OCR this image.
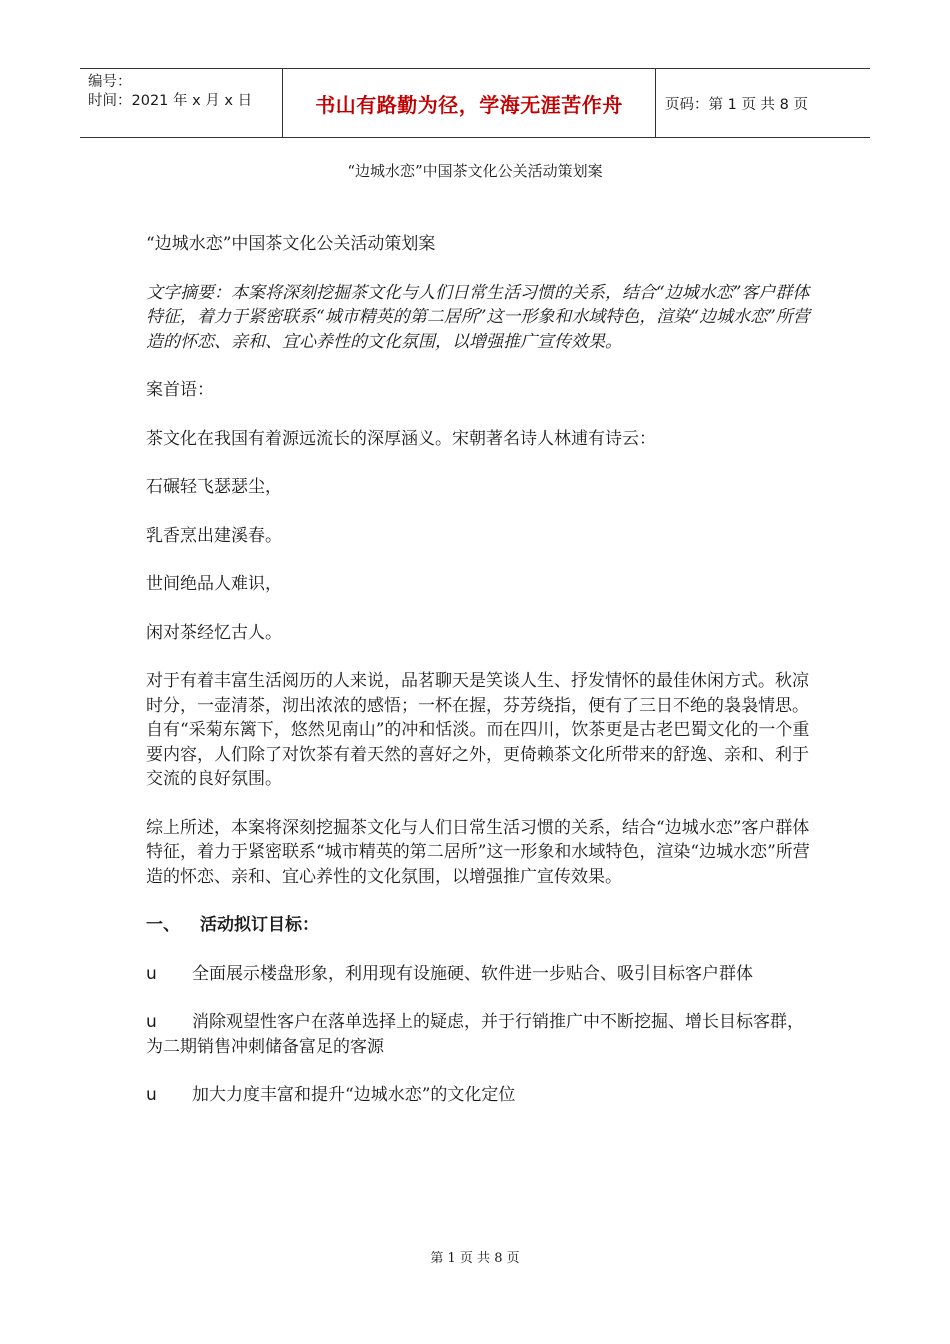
编号：
时间：2021 年 x 月 x 日	书山有路勤为径，学海无涯苦作舟	页码：第 1 页 共 8 页
“边城水恋”中国茶文化公关活动策划案

“边城水恋”中国茶文化公关活动策划案

文字摘要：本案将深刻挖掘茶文化与人们日常生活习惯的关系，结合“边城水恋”客户群体特征，着力于紧密联系“城市精英的第二居所”这一形象和水域特色，渲染“边城水恋”所营造的怀恋、亲和、宜心养性的文化氛围，以增强推广宣传效果。

案首语：

茶文化在我国有着源远流长的深厚涵义。宋朝著名诗人林逋有诗云：

石碾轻飞瑟瑟尘，

乳香烹出建溪春。

世间绝品人难识，

闲对茶经忆古人。

对于有着丰富生活阅历的人来说，品茗聊天是笑谈人生、抒发情怀的最佳休闲方式。秋凉时分，一壶清茶，沏出浓浓的感悟；一杯在握，芬芳绕指，便有了三日不绝的袅袅情思。自有“采菊东篱下，悠然见南山”的冲和恬淡。而在四川，饮茶更是古老巴蜀文化的一个重要内容，人们除了对饮茶有着天然的喜好之外，更倚赖茶文化所带来的舒逸、亲和、利于交流的良好氛围。

综上所述，本案将深刻挖掘茶文化与人们日常生活习惯的关系，结合“边城水恋”客户群体特征，着力于紧密联系“城市精英的第二居所”这一形象和水域特色，渲染“边城水恋”所营造的怀恋、亲和、宜心养性的文化氛围，以增强推广宣传效果。

一、 活动拟订目标：

u 全面展示楼盘形象，利用现有设施硬、软件进一步贴合、吸引目标客户群体

u 消除观望性客户在落单选择上的疑虑，并于行销推广中不断挖掘、增长目标客群，为二期销售冲刺储备富足的客源

u 加大力度丰富和提升“边城水恋”的文化定位

第 1 页 共 8 页
